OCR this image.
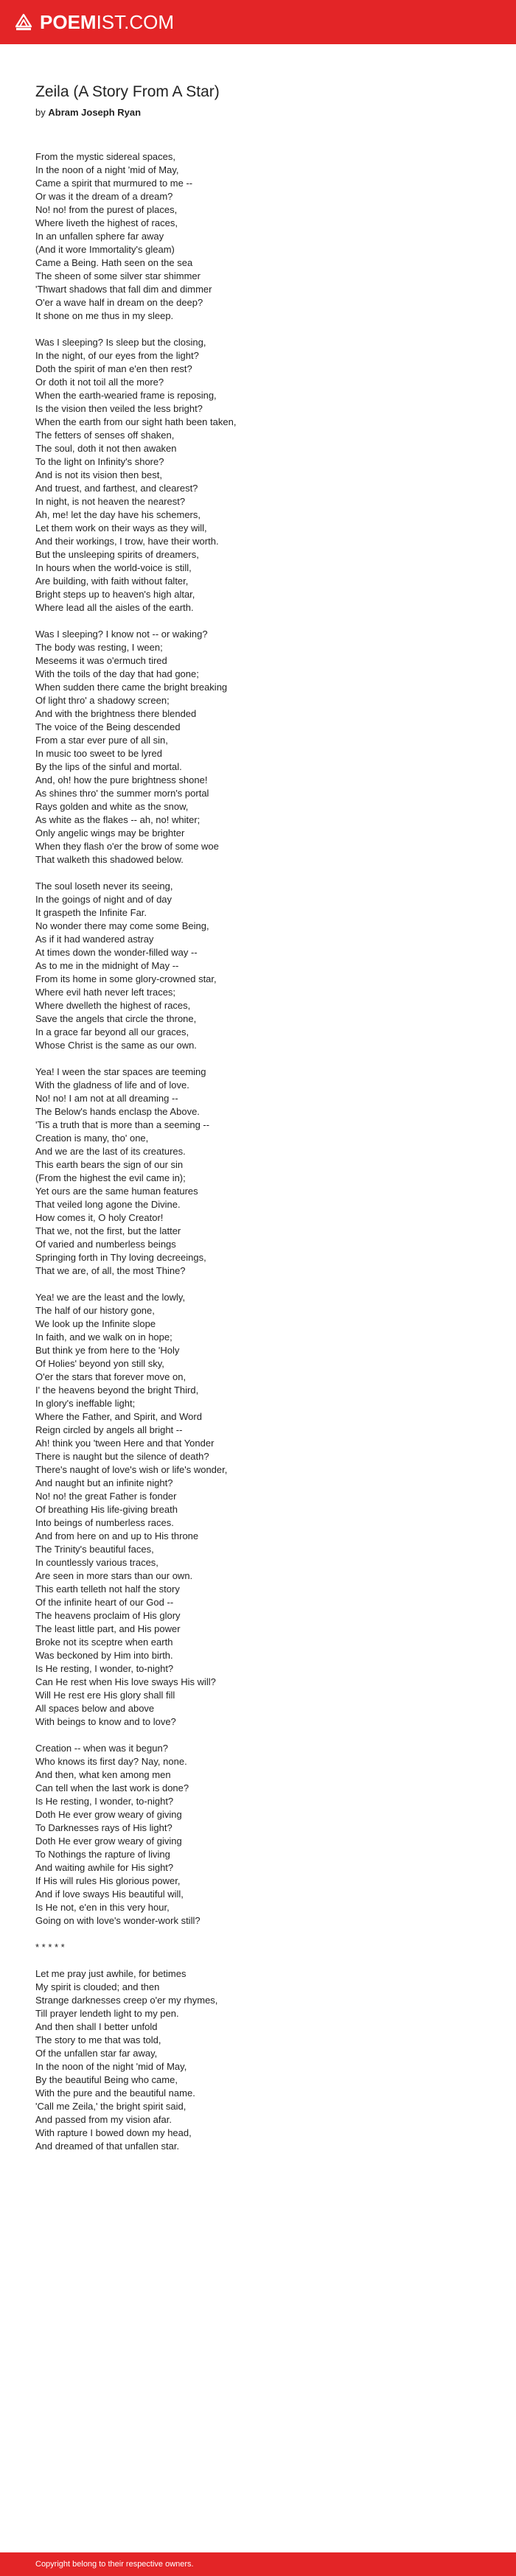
POEMIST.COM
Zeila (A Story From A Star)
by Abram Joseph Ryan
From the mystic sidereal spaces,
In the noon of a night 'mid of May,
Came a spirit that murmured to me --
Or was it the dream of a dream?
No! no! from the purest of places,
Where liveth the highest of races,
In an unfallen sphere far away
(And it wore Immortality's gleam)
Came a Being. Hath seen on the sea
The sheen of some silver star shimmer
'Thwart shadows that fall dim and dimmer
O'er a wave half in dream on the deep?
It shone on me thus in my sleep.
Was I sleeping? Is sleep but the closing,
In the night, of our eyes from the light?
Doth the spirit of man e'en then rest?
Or doth it not toil all the more?
When the earth-wearied frame is reposing,
Is the vision then veiled the less bright?
When the earth from our sight hath been taken,
The fetters of senses off shaken,
The soul, doth it not then awaken
To the light on Infinity's shore?
And is not its vision then best,
And truest, and farthest, and clearest?
In night, is not heaven the nearest?
Ah, me! let the day have his schemers,
Let them work on their ways as they will,
And their workings, I trow, have their worth.
But the unsleeping spirits of dreamers,
In hours when the world-voice is still,
Are building, with faith without falter,
Bright steps up to heaven's high altar,
Where lead all the aisles of the earth.
Was I sleeping? I know not -- or waking?
The body was resting, I ween;
Meseems it was o'ermuch tired
With the toils of the day that had gone;
When sudden there came the bright breaking
Of light thro' a shadowy screen;
And with the brightness there blended
The voice of the Being descended
From a star ever pure of all sin,
In music too sweet to be lyred
By the lips of the sinful and mortal.
And, oh! how the pure brightness shone!
As shines thro' the summer morn's portal
Rays golden and white as the snow,
As white as the flakes -- ah, no! whiter;
Only angelic wings may be brighter
When they flash o'er the brow of some woe
That walketh this shadowed below.
The soul loseth never its seeing,
In the goings of night and of day
It graspeth the Infinite Far.
No wonder there may come some Being,
As if it had wandered astray
At times down the wonder-filled way --
As to me in the midnight of May --
From its home in some glory-crowned star,
Where evil hath never left traces;
Where dwelleth the highest of races,
Save the angels that circle the throne,
In a grace far beyond all our graces,
Whose Christ is the same as our own.
Yea! I ween the star spaces are teeming
With the gladness of life and of love.
No! no! I am not at all dreaming --
The Below's hands enclasp the Above.
'Tis a truth that is more than a seeming --
Creation is many, tho' one,
And we are the last of its creatures.
This earth bears the sign of our sin
(From the highest the evil came in);
Yet ours are the same human features
That veiled long agone the Divine.
How comes it, O holy Creator!
That we, not the first, but the latter
Of varied and numberless beings
Springing forth in Thy loving decreeings,
That we are, of all, the most Thine?
Yea! we are the least and the lowly,
The half of our history gone,
We look up the Infinite slope
In faith, and we walk on in hope;
But think ye from here to the 'Holy
Of Holies' beyond yon still sky,
O'er the stars that forever move on,
I' the heavens beyond the bright Third,
In glory's ineffable light;
Where the Father, and Spirit, and Word
Reign circled by angels all bright --
Ah! think you 'tween Here and that Yonder
There is naught but the silence of death?
There's naught of love's wish or life's wonder,
And naught but an infinite night?
No! no! the great Father is fonder
Of breathing His life-giving breath
Into beings of numberless races.
And from here on and up to His throne
The Trinity's beautiful faces,
In countlessly various traces,
Are seen in more stars than our own.
This earth telleth not half the story
Of the infinite heart of our God --
The heavens proclaim of His glory
The least little part, and His power
Broke not its sceptre when earth
Was beckoned by Him into birth.
Is He resting, I wonder, to-night?
Can He rest when His love sways His will?
Will He rest ere His glory shall fill
All spaces below and above
With beings to know and to love?
Creation -- when was it begun?
Who knows its first day? Nay, none.
And then, what ken among men
Can tell when the last work is done?
Is He resting, I wonder, to-night?
Doth He ever grow weary of giving
To Darknesses rays of His light?
Doth He ever grow weary of giving
To Nothings the rapture of living
And waiting awhile for His sight?
If His will rules His glorious power,
And if love sways His beautiful will,
Is He not, e'en in this very hour,
Going on with love's wonder-work still?
* * * * *
Let me pray just awhile, for betimes
My spirit is clouded; and then
Strange darknesses creep o'er my rhymes,
Till prayer lendeth light to my pen.
And then shall I better unfold
The story to me that was told,
Of the unfallen star far away,
In the noon of the night 'mid of May,
By the beautiful Being who came,
With the pure and the beautiful name.
'Call me Zeila,' the bright spirit said,
And passed from my vision afar.
With rapture I bowed down my head,
And dreamed of that unfallen star.
Copyright belong to their respective owners.
